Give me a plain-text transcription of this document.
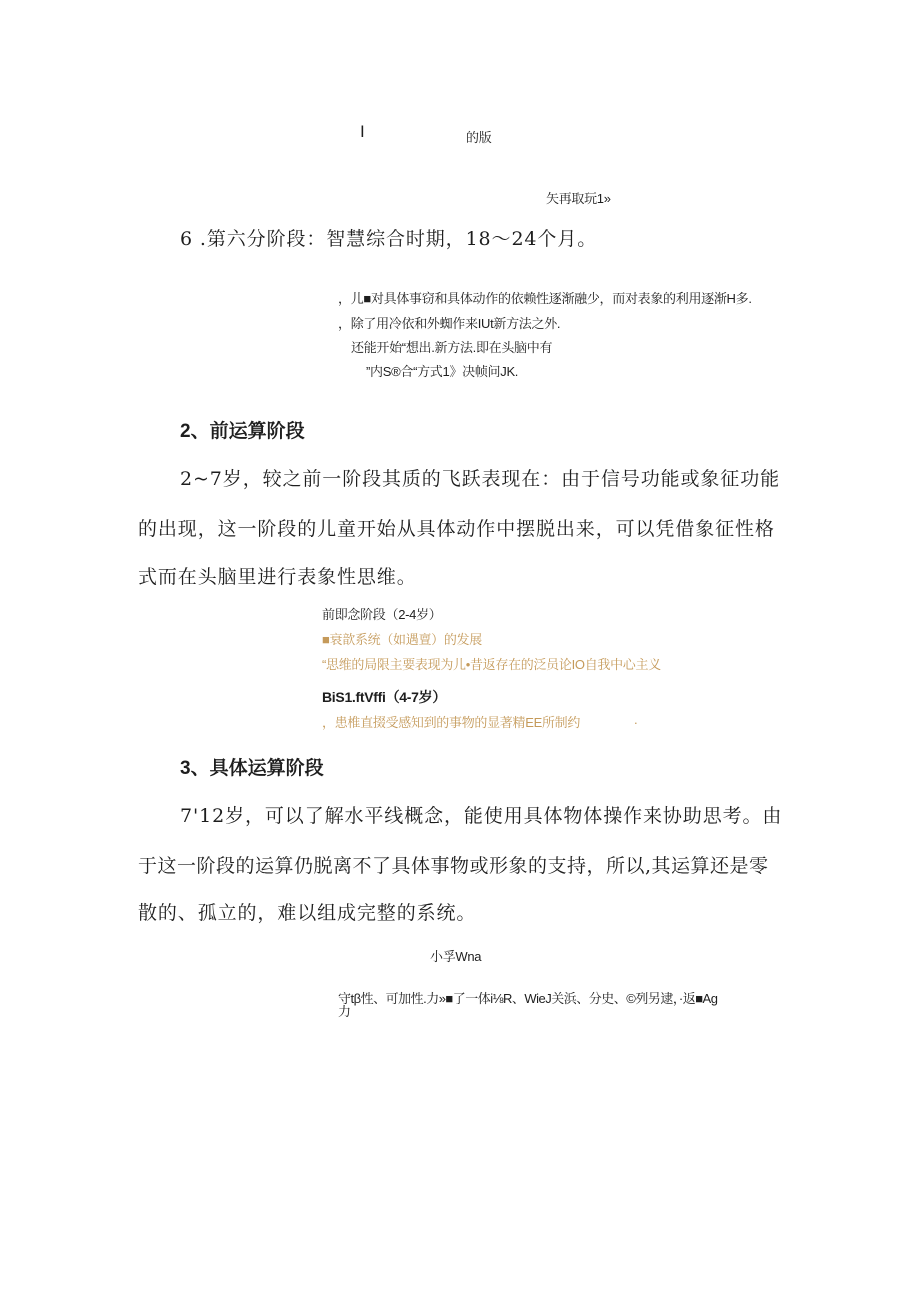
I	的版
矢再取玩1»
6 .第六分阶段：智慧综合时期，18～24个月。
，儿■对具体事窃和具体动作的依赖性逐渐融少，而对表象的利用逐渐H多.
，除了用冷依和外蜘作来IUt新方法之外.
还能开始“想出.新方法.即在头脑中有
”内S®合“方式1》决帧问JK.
2、前运算阶段
2~7岁，较之前一阶段其质的飞跃表现在：由于信号功能或象征功能
的出现，这一阶段的儿童开始从具体动作中摆脱出来，可以凭借象征性格
式而在头脑里进行表象性思维。
前即念阶段（2-4岁）
■衰歆系统（如遇亶）的发展
“思维的局限主要表现为儿•昔返存在的泛员论IO自我中心主义
BiS1.ftVffi（4-7岁）
，患椎直掇受感知到的事物的显著精EE所制约	.
3、具体运算阶段
7'12岁，可以了解水平线概念，能使用具体物体操作来协助思考。由
于这一阶段的运算仍脱离不了具体事物或形象的支持，所以,其运算还是零
散的、孤立的，难以组成完整的系统。
小孚Wna
守tβ性、可加性.力»■了一体i⅛R、WieJ关浜、分史、©列另逮，·返■Ag
力
